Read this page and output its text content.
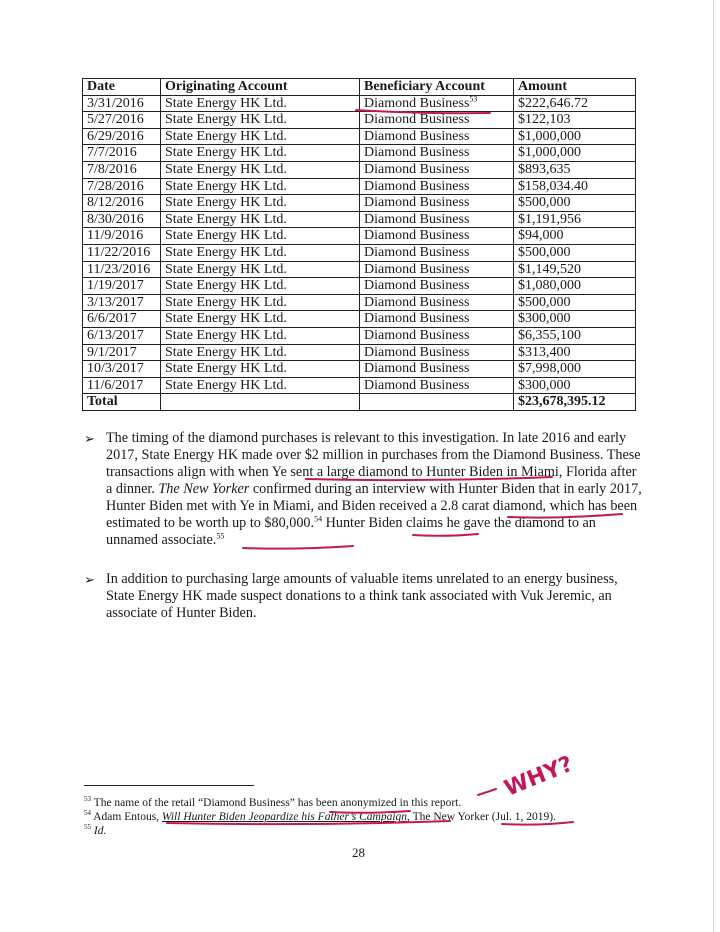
Date	Originating Account	Beneficiary Account	Amount
3/31/2016	State Energy HK Ltd.	Diamond Business$^{53}$	$222,646.72
5/27/2016	State Energy HK Ltd.	Diamond Business	$122,103
6/29/2016	State Energy HK Ltd.	Diamond Business	$1,000,000
7/7/2016	State Energy HK Ltd.	Diamond Business	$1,000,000
7/8/2016	State Energy HK Ltd.	Diamond Business	$893,635
7/28/2016	State Energy HK Ltd.	Diamond Business	$158,034.40
8/12/2016	State Energy HK Ltd.	Diamond Business	$500,000
8/30/2016	State Energy HK Ltd.	Diamond Business	$1,191,956
11/9/2016	State Energy HK Ltd.	Diamond Business	$94,000
11/22/2016	State Energy HK Ltd.	Diamond Business	$500,000
11/23/2016	State Energy HK Ltd.	Diamond Business	$1,149,520
1/19/2017	State Energy HK Ltd.	Diamond Business	$1,080,000
3/13/2017	State Energy HK Ltd.	Diamond Business	$500,000
6/6/2017	State Energy HK Ltd.	Diamond Business	$300,000
6/13/2017	State Energy HK Ltd.	Diamond Business	$6,355,100
9/1/2017	State Energy HK Ltd.	Diamond Business	$313,400
10/3/2017	State Energy HK Ltd.	Diamond Business	$7,998,000
11/6/2017	State Energy HK Ltd.	Diamond Business	$300,000
Total			$23,678,395.12
➢ The timing of the diamond purchases is relevant to this investigation. In late 2016 and early 2017, State Energy HK made over $2 million in purchases from the Diamond Business. These transactions align with when Ye sent a large diamond to Hunter Biden in Miami, Florida after a dinner. The New Yorker confirmed during an interview with Hunter Biden that in early 2017, Hunter Biden met with Ye in Miami, and Biden received a 2.8 carat diamond, which has been estimated to be worth up to $80,000.54 Hunter Biden claims he gave the diamond to an unnamed associate.$^{55}$
➢ In addition to purchasing large amounts of valuable items unrelated to an energy business, State Energy HK made suspect donations to a think tank associated with Vuk Jeremic, an associate of Hunter Biden.
$^{53}$ The name of the retail “Diamond Business” has been anonymized in this report.
$^{54}$ Adam Entous, Will Hunter Biden Jeopardize his Father’s Campaign, The New Yorker (Jul. 1, 2019).
$^{55}$ Id.
28
WHY?
